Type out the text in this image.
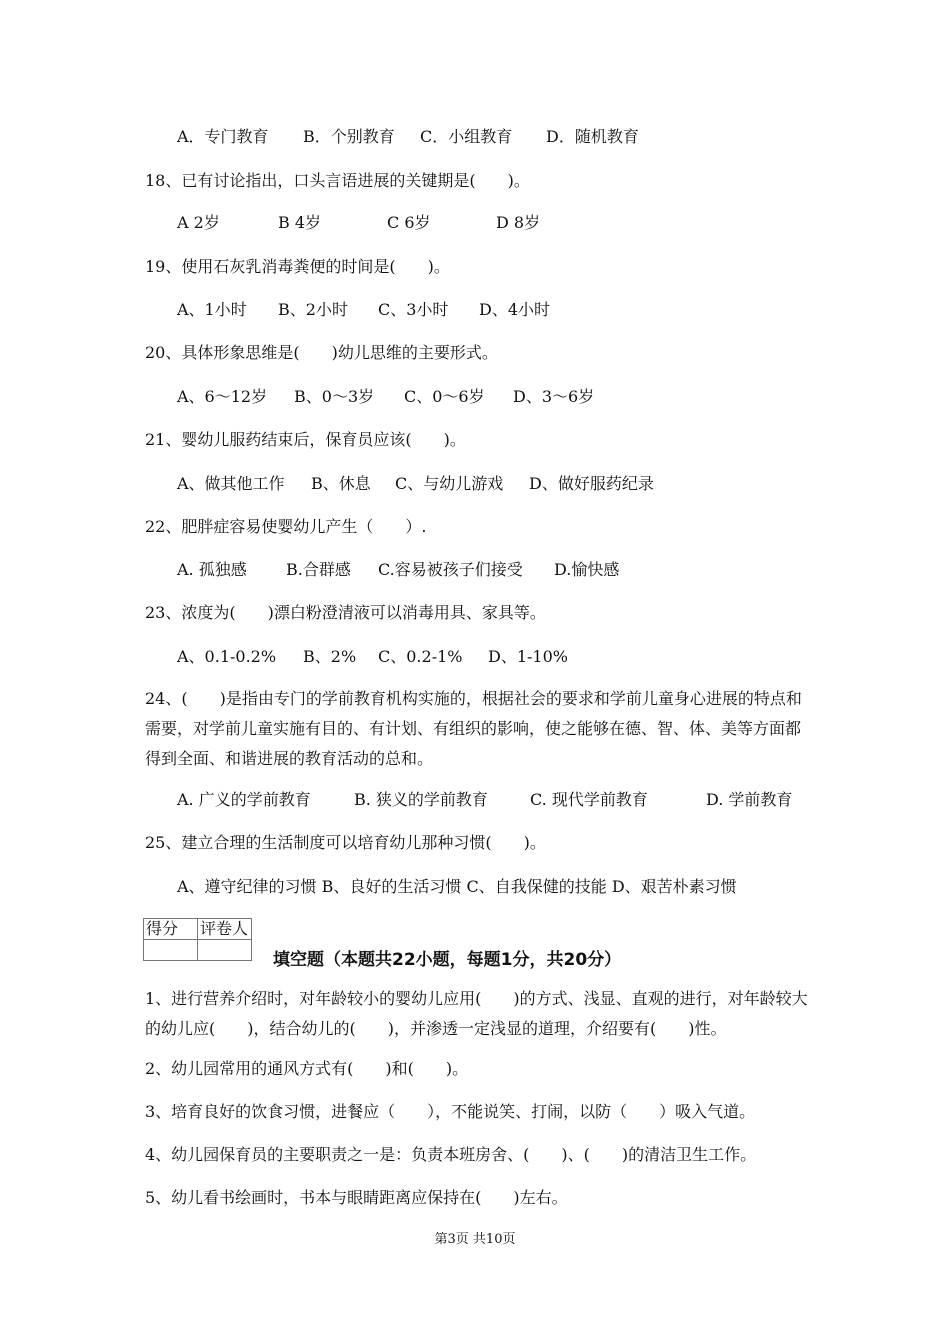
A．专门教育 B．个别教育 C．小组教育 D．随机教育
18、已有讨论指出，口头言语进展的关键期是(　　)。
A 2岁	B 4岁	C 6岁	D 8岁
19、使用石灰乳消毒粪便的时间是(　　)。
A、1小时 B、2小时 C、3小时 D、4小时
20、具体形象思维是(　　)幼儿思维的主要形式。
A、6～12岁 B、0～3岁 C、0～6岁 D、3～6岁
21、婴幼儿服药结束后，保育员应该(　　)。
A、做其他工作 B、休息 C、与幼儿游戏 D、做好服药纪录
22、肥胖症容易使婴幼儿产生（　　）.
A. 孤独感 B.合群感 C.容易被孩子们接受 D.愉快感
23、浓度为(　　)漂白粉澄清液可以消毒用具、家具等。
A、0.1-0.2% B、2% C、0.2-1% D、1-10%
24、(　　)是指由专门的学前教育机构实施的，根据社会的要求和学前儿童身心进展的特点和需要，对学前儿童实施有目的、有计划、有组织的影响，使之能够在德、智、体、美等方面都得到全面、和谐进展的教育活动的总和。
A. 广义的学前教育	B. 狭义的学前教育	C. 现代学前教育	D. 学前教育
25、建立合理的生活制度可以培育幼儿那种习惯(　　)。
A、遵守纪律的习惯 B、良好的生活习惯 C、自我保健的技能 D、艰苦朴素习惯
得分	评卷人

填空题（本题共22小题，每题1分，共20分）
1、进行营养介绍时，对年龄较小的婴幼儿应用(　　)的方式、浅显、直观的进行，对年龄较大的幼儿应(　　)，结合幼儿的(　　)，并渗透一定浅显的道理，介绍要有(　　)性。
2、幼儿园常用的通风方式有(　　)和(　　)。
3、培育良好的饮食习惯，进餐应（　　），不能说笑、打闹，以防（　　）吸入气道。
4、幼儿园保育员的主要职责之一是：负责本班房舍、(　　)、(　　)的清洁卫生工作。
5、幼儿看书绘画时，书本与眼睛距离应保持在(　　)左右。
第3页 共10页
